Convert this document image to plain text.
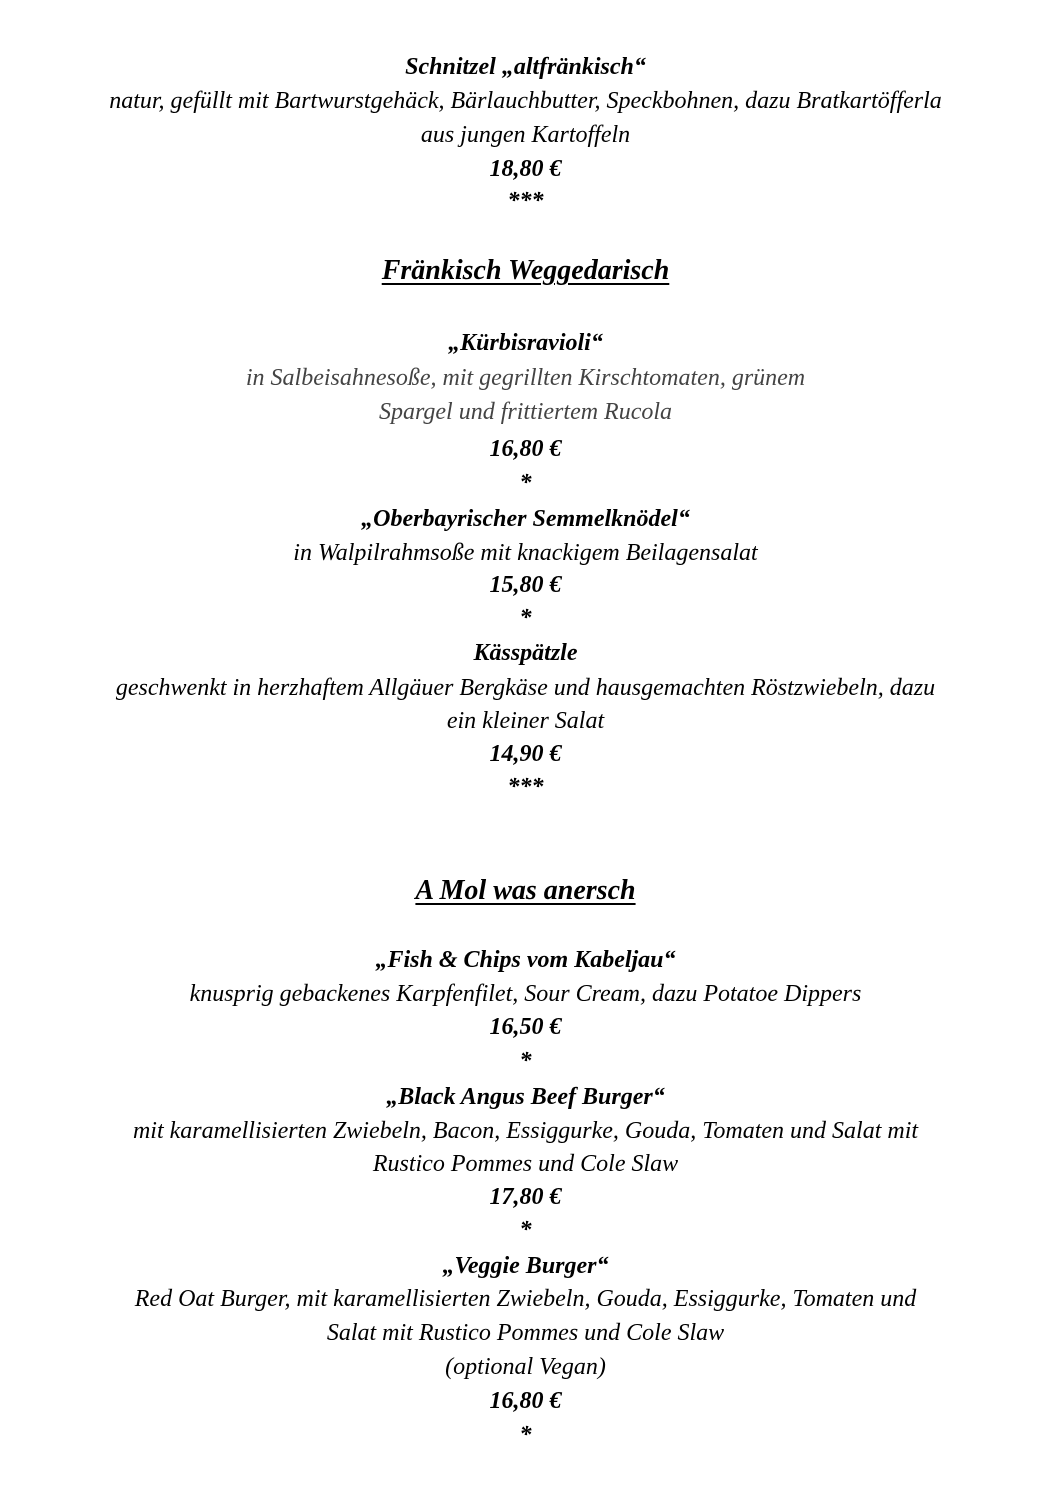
Schnitzel „altfränkisch“
natur, gefüllt mit Bartwurstgehäck, Bärlauchbutter, Speckbohnen, dazu Bratkartöfferla
aus jungen Kartoffeln
18,80 €
***
Fränkisch Weggedarisch
„Kürbisravioli“
in Salbeisahnesoße, mit gegrillten Kirschtomaten, grünem
Spargel und frittiertem Rucola
16,80 €
*
„Oberbayrischer Semmelknödel“
in Walpilrahmsoße mit knackigem Beilagensalat
15,80 €
*
Kässpätzle
geschwenkt in herzhaftem Allgäuer Bergkäse und hausgemachten Röstzwiebeln, dazu
ein kleiner Salat
14,90 €
***
A Mol was anersch
„Fish & Chips vom Kabeljau“
knusprig gebackenes Karpfenfilet, Sour Cream, dazu Potatoe Dippers
16,50 €
*
„Black Angus Beef Burger“
mit karamellisierten Zwiebeln, Bacon, Essiggurke, Gouda, Tomaten und Salat mit
Rustico Pommes und Cole Slaw
17,80 €
*
„Veggie Burger“
Red Oat Burger, mit karamellisierten Zwiebeln, Gouda, Essiggurke, Tomaten und
Salat mit Rustico Pommes und Cole Slaw
(optional Vegan)
16,80 €
*
